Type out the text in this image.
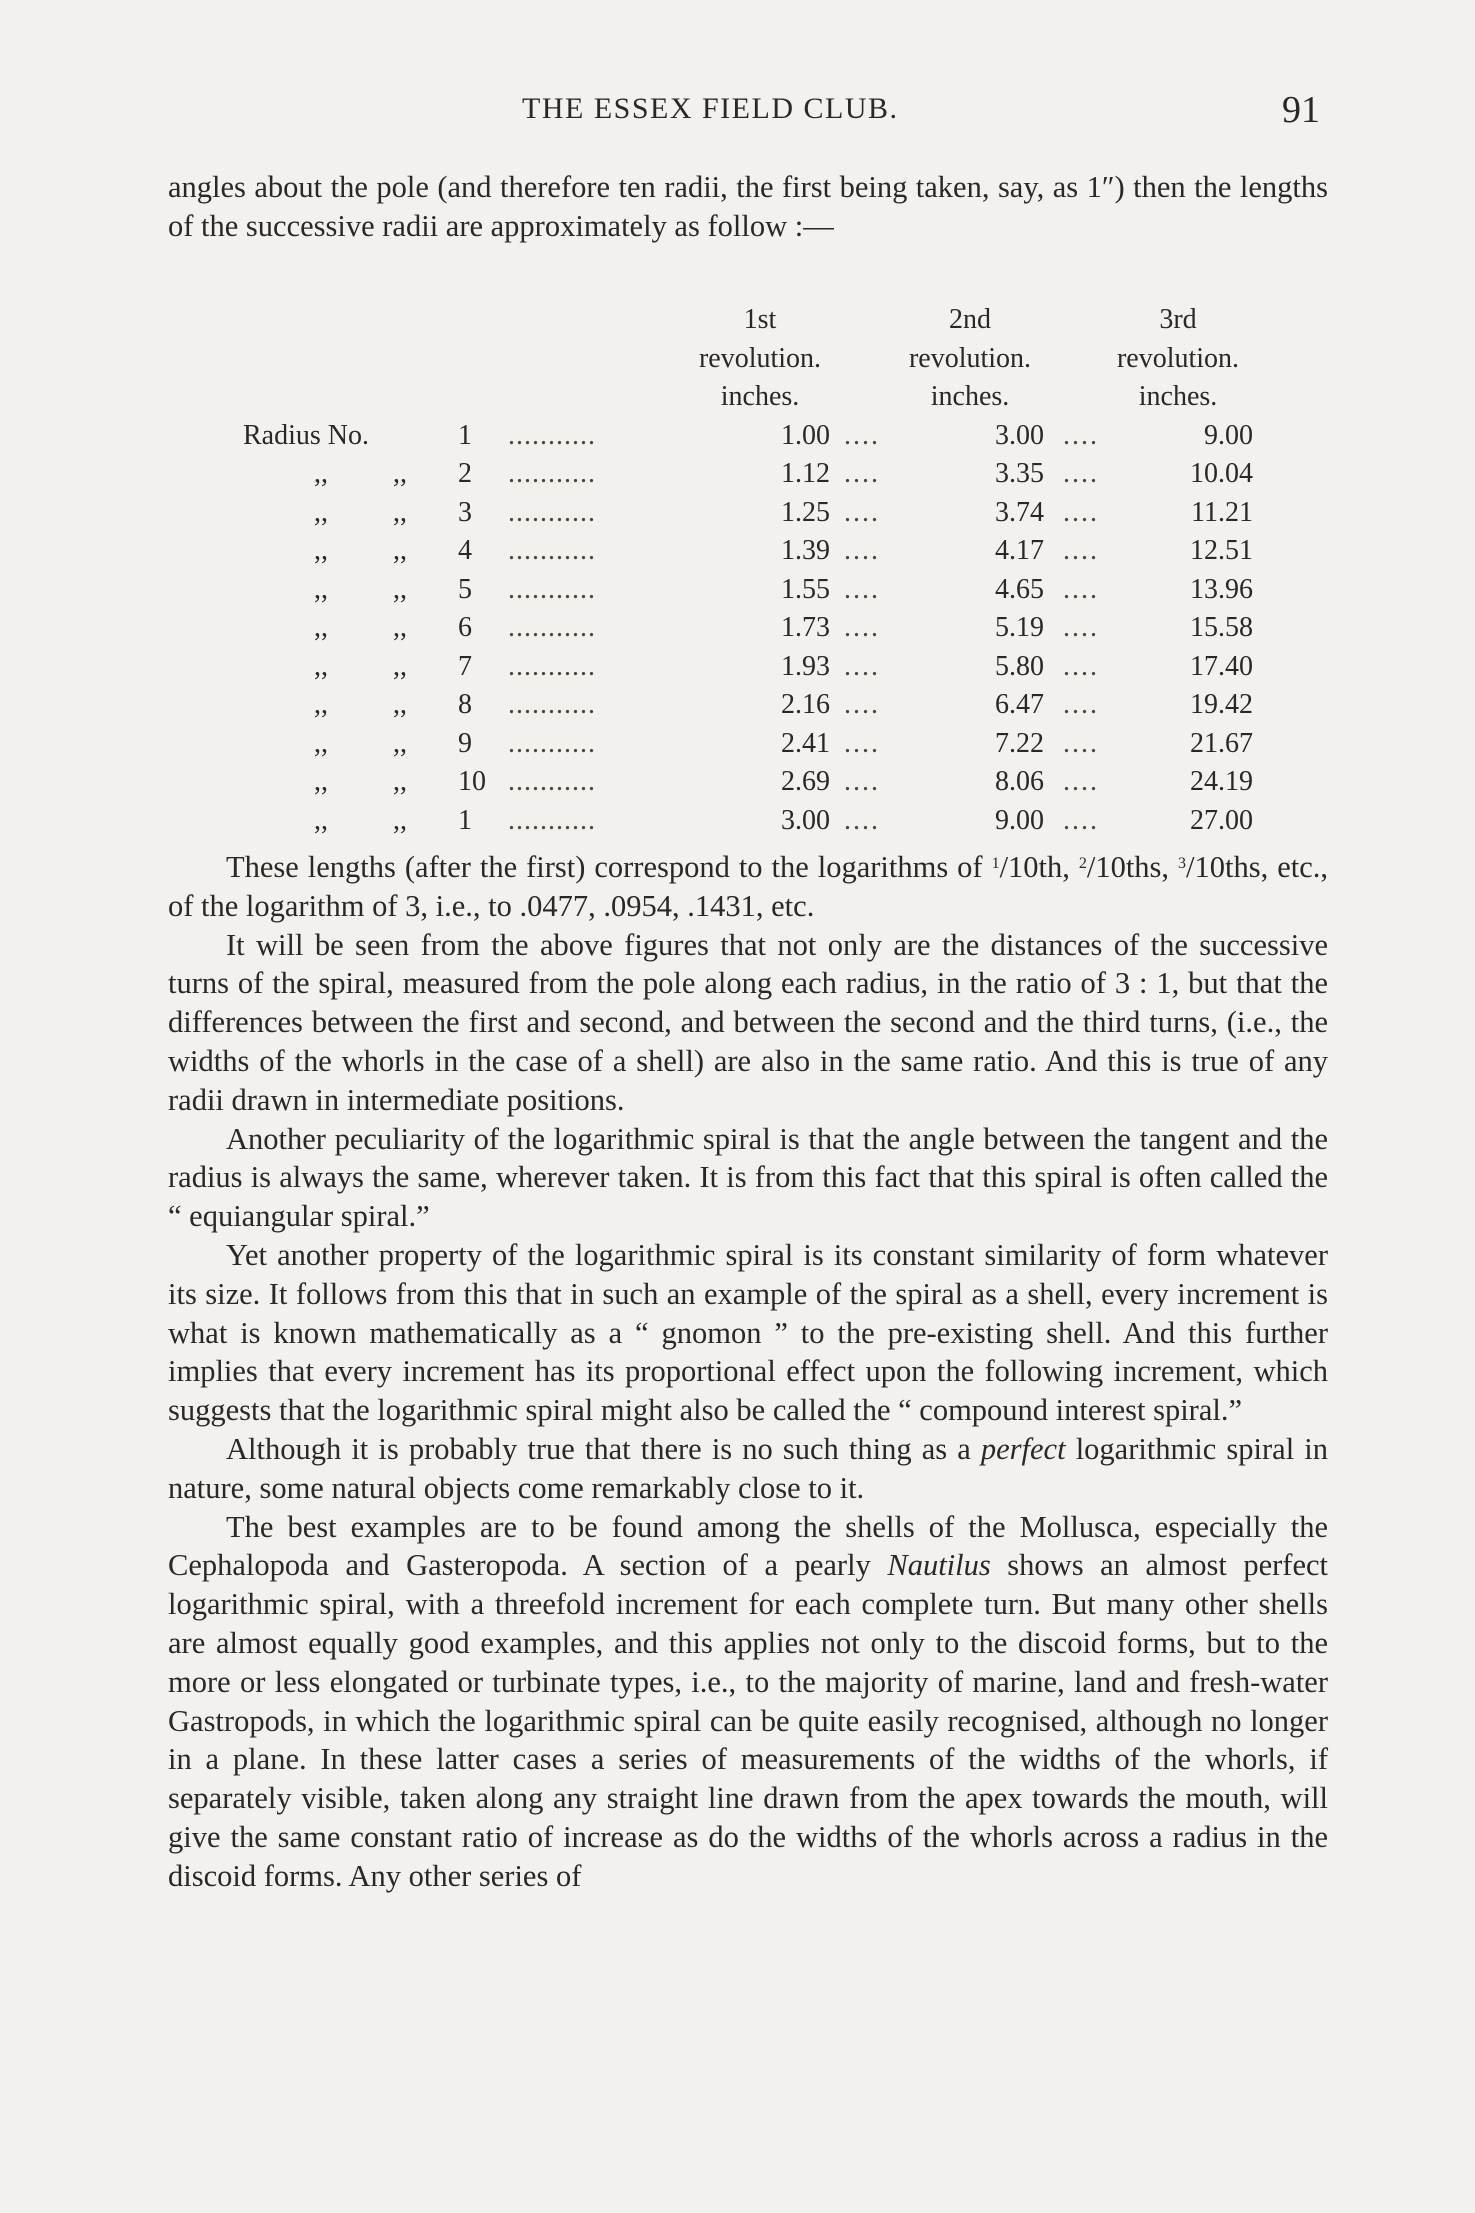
THE ESSEX FIELD CLUB.	91

angles about the pole (and therefore ten radii, the first being taken, say, as 1″) then the lengths of the successive radii are approximately as follow :—

1st	2nd	3rd
revolution.	revolution.	revolution.
inches.	inches.	inches.
Radius No.	1	...........	1.00 ....	3.00 ....	9.00
,, ,, 2	...........	1.12 ....	3.35 ....	10.04
,, ,, 3	...........	1.25 ....	3.74 ....	11.21
,, ,, 4	...........	1.39 ....	4.17 ....	12.51
,, ,, 5	...........	1.55 ....	4.65 ....	13.96
,, ,, 6	...........	1.73 ....	5.19 ....	15.58
,, ,, 7	...........	1.93 ....	5.80 ....	17.40
,, ,, 8	...........	2.16 ....	6.47 ....	19.42
,, ,, 9	...........	2.41 ....	7.22 ....	21.67
,, ,, 10 ...........	2.69 ....	8.06 ....	24.19
,, ,, 1	...........	3.00 ....	9.00 ....	27.00

These lengths (after the first) correspond to the logarithms of $^1$/10th, $^2$/10ths, $^3$/10ths, etc., of the logarithm of 3, i.e., to .0477, .0954, .1431, etc.

It will be seen from the above figures that not only are the distances of the successive turns of the spiral, measured from the pole along each radius, in the ratio of 3 : 1, but that the differences between the first and second, and between the second and the third turns, (i.e., the widths of the whorls in the case of a shell) are also in the same ratio. And this is true of any radii drawn in intermediate positions.

Another peculiarity of the logarithmic spiral is that the angle between the tangent and the radius is always the same, wherever taken. It is from this fact that this spiral is often called the “ equiangular spiral.”

Yet another property of the logarithmic spiral is its constant similarity of form whatever its size. It follows from this that in such an example of the spiral as a shell, every increment is what is known mathematically as a “ gnomon ” to the pre-existing shell. And this further implies that every increment has its proportional effect upon the following increment, which suggests that the logarithmic spiral might also be called the “ compound interest spiral.”

Although it is probably true that there is no such thing as a perfect logarithmic spiral in nature, some natural objects come remarkably close to it.

The best examples are to be found among the shells of the Mollusca, especially the Cephalopoda and Gasteropoda. A section of a pearly Nautilus shows an almost perfect logarithmic spiral, with a threefold increment for each complete turn. But many other shells are almost equally good examples, and this applies not only to the discoid forms, but to the more or less elongated or turbinate types, i.e., to the majority of marine, land and fresh-water Gastropods, in which the logarithmic spiral can be quite easily recognised, although no longer in a plane. In these latter cases a series of measurements of the widths of the whorls, if separately visible, taken along any straight line drawn from the apex towards the mouth, will give the same constant ratio of increase as do the widths of the whorls across a radius in the discoid forms. Any other series of
